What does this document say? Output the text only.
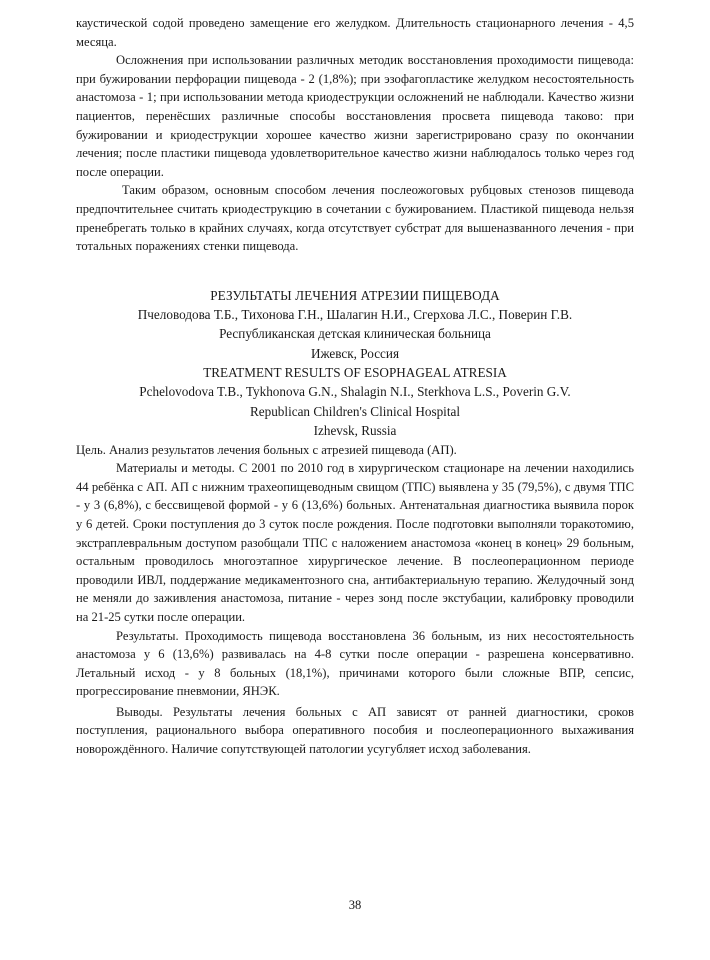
каустической содой проведено замещение его желудком. Длительность стационарного лечения - 4,5 месяца.

Осложнения при использовании различных методик восстановления проходимости пищевода: при бужировании перфорации пищевода - 2 (1,8%); при эзофагопластике желудком несостоятельность анастомоза - 1; при использовании метода криодеструкции осложнений не наблюдали. Качество жизни пациентов, перенёсших различные способы восстановления просвета пищевода таково: при бужировании и криодеструкции хорошее качество жизни зарегистрировано сразу по окончании лечения; после пластики пищевода удовлетворительное качество жизни наблюдалось только через год после операции.

Таким образом, основным способом лечения послеожоговых рубцовых стенозов пищевода предпочтительнее считать криодеструкцию в сочетании с бужированием. Пластикой пищевода нельзя пренебрегать только в крайних случаях, когда отсутствует субстрат для вышеназванного лечения - при тотальных поражениях стенки пищевода.

РЕЗУЛЬТАТЫ ЛЕЧЕНИЯ АТРЕЗИИ ПИЩЕВОДА
Пчеловодова Т.Б., Тихонова Г.Н., Шалагин Н.И., Сгерхова Л.С., Поверин Г.В.
Республиканская детская клиническая больница
Ижевск, Россия
TREATMENT RESULTS OF ESOPHAGEAL ATRESIA
Pchelovodova T.B., Tykhonova G.N., Shalagin N.I., Sterkhova L.S., Poverin G.V.
Republican Children's Clinical Hospital
Izhevsk, Russia

Цель. Анализ результатов лечения больных с атрезией пищевода (АП).

Материалы и методы. С 2001 по 2010 год в хирургическом стационаре на лечении находились 44 ребёнка с АП. АП с нижним трахеопищеводным свищом (ТПС) выявлена у 35 (79,5%), с двумя ТПС - у 3 (6,8%), с бессвищевой формой - у 6 (13,6%) больных. Антенатальная диагностика выявила порок у 6 детей. Сроки поступления до 3 суток после рождения. После подготовки выполняли торакотомию, экстраплевральным доступом разобщали ТПС с наложением анастомоза «конец в конец» 29 больным, остальным проводилось многоэтапное хирургическое лечение. В послеоперационном периоде проводили ИВЛ, поддержание медикаментозного сна, антибактериальную терапию. Желудочный зонд не меняли до заживления анастомоза, питание - через зонд после экстубации, калибровку проводили на 21-25 сутки после операции.

Результаты. Проходимость пищевода восстановлена 36 больным, из них несостоятельность анастомоза у 6 (13,6%) развивалась на 4-8 сутки после операции - разрешена консервативно. Летальный исход - у 8 больных (18,1%), причинами которого были сложные ВПР, сепсис, прогрессирование пневмонии, ЯНЭК.

Выводы. Результаты лечения больных с АП зависят от ранней диагностики, сроков поступления, рационального выбора оперативного пособия и послеоперационного выхаживания новорождённого. Наличие сопутствующей патологии усугубляет исход заболевания.

38
